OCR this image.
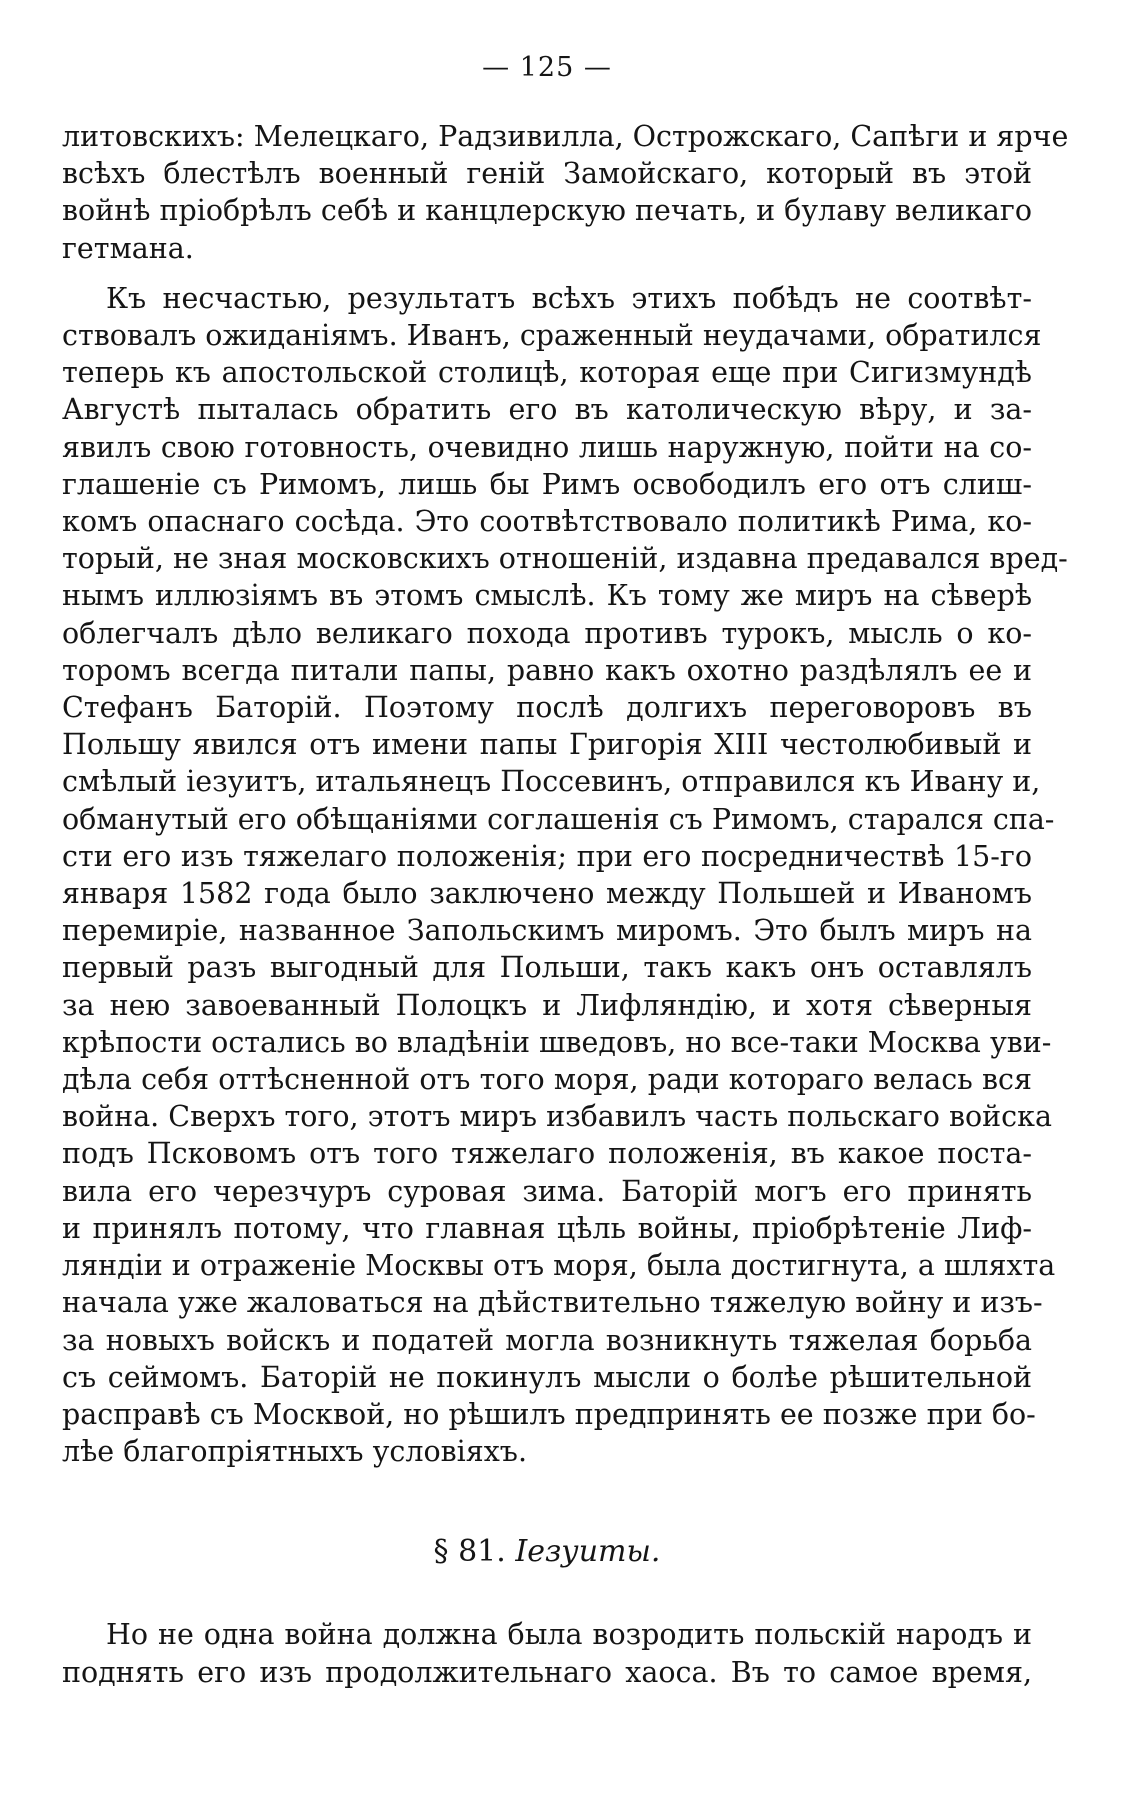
— 125 —
литовскихъ: Мелецкаго, Радзивилла, Острожскаго, Сапѣги и ярче
всѣхъ блестѣлъ военный генiй Замойскаго, который въ этой
войнѣ прiобрѣлъ себѣ и канцлерскую печать, и булаву великаго
гетмана.
Къ несчастью, результатъ всѣхъ этихъ побѣдъ не соотвѣт-
ствовалъ ожиданiямъ. Иванъ, сраженный неудачами, обратился
теперь къ апостольской столицѣ, которая еще при Сигизмундѣ
Августѣ пыталась обратить его въ католическую вѣру, и за-
явилъ свою готовность, очевидно лишь наружную, пойти на со-
глашенiе съ Римомъ, лишь бы Римъ освободилъ его отъ слиш-
комъ опаснаго сосѣда. Это соотвѣтствовало политикѣ Рима, ко-
торый, не зная московскихъ отношенiй, издавна предавался вред-
нымъ иллюзiямъ въ этомъ смыслѣ. Къ тому же миръ на сѣверѣ
облегчалъ дѣло великаго похода противъ турокъ, мысль о ко-
торомъ всегда питали папы, равно какъ охотно раздѣлялъ ее и
Стефанъ Баторiй. Поэтому послѣ долгихъ переговоровъ въ
Польшу явился отъ имени папы Григорiя XIII честолюбивый и
смѣлый iезуитъ, итальянецъ Поссевинъ, отправился къ Ивану и,
обманутый его обѣщанiями соглашенiя съ Римомъ, старался спа-
сти его изъ тяжелаго положенiя; при его посредничествѣ 15-го
января 1582 года было заключено между Польшей и Иваномъ
перемирiе, названное Запольскимъ миромъ. Это былъ миръ на
первый разъ выгодный для Польши, такъ какъ онъ оставлялъ
за нею завоеванный Полоцкъ и Лифляндiю, и хотя сѣверныя
крѣпости остались во владѣнiи шведовъ, но все-таки Москва уви-
дѣла себя оттѣсненной отъ того моря, ради котораго велась вся
война. Сверхъ того, этотъ миръ избавилъ часть польскаго войска
подъ Псковомъ отъ того тяжелаго положенiя, въ какое поста-
вила его черезчуръ суровая зима. Баторiй могъ его принять
и принялъ потому, что главная цѣль войны, прiобрѣтенiе Лиф-
ляндiи и отраженiе Москвы отъ моря, была достигнута, а шляхта
начала уже жаловаться на дѣйствительно тяжелую войну и изъ-
за новыхъ войскъ и податей могла возникнуть тяжелая борьба
съ сеймомъ. Баторiй не покинулъ мысли о болѣе рѣшительной
расправѣ съ Москвой, но рѣшилъ предпринять ее позже при бо-
лѣе благопрiятныхъ условiяхъ.
§ 81. Iезуиты.
Но не одна война должна была возродить польскiй народъ и
поднять его изъ продолжительнаго хаоса. Въ то самое время,
